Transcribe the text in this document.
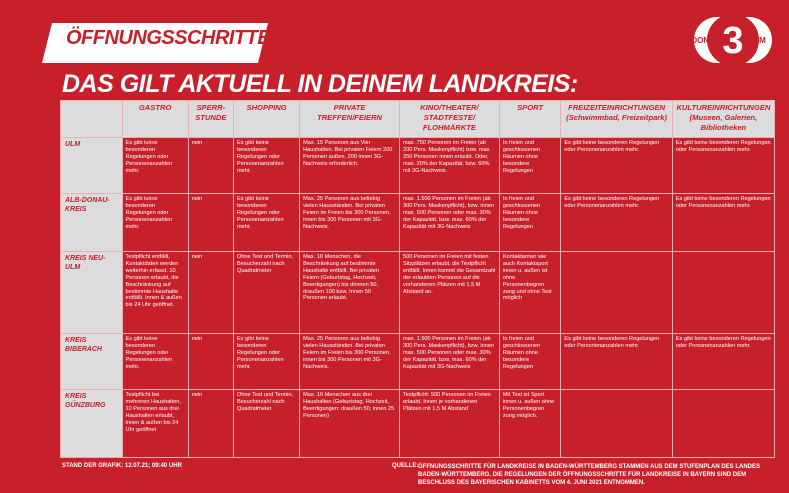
ÖFFNUNGSSCHRITTE
DAS GILT AKTUELL IN DEINEM LANDKREIS:
3
DONAU	FM
	GASTRO	SPERR-STUNDE	SHOPPING	PRIVATE TREFFEN/FEIERN	KINO/THEATER/ STADTFESTE/ FLOHMÄRKTE	SPORT	FREIZEITEINRICHTUNGEN (Schwimmbad, Freizeitpark)	KULTUREINRICHTUNGEN (Museen, Galerien, Bibliotheken
ULM	Es gibt keine besonderen Regelungen oder Personenanzahlen mehr.	nein	Es gibt keine besonderen Regelungen oder Personenanzahlen mehr.	Max. 15 Personen aus Vier Haushalten. Bei privaten Feiern 200 Personen außen, 200 innen 3G-Nachweis erforderlich.	max. 750 Personen im Freien (ab 200 Pers. Maskenpflicht) bzw. max. 250 Personen innen erlaubt. Oder, max. 20% der Kapazität, bzw. 60% mit 3G-Nachweis.	In freien und geschlossenen Räumen ohne besondere Regelungen	Es gibt keine besonderen Regelungen oder Personenanzahlen mehr.	Es gibt keine besonderen Regelungen oder Personenanzahlen mehr.
ALB-DONAU-KREIS	Es gibt keine besonderen Regelungen oder Personenanzahlen mehr.	nein	Es gibt keine besonderen Regelungen oder Personenanzahlen mehr.	Max. 25 Personen aus beliebig vielen Hausständen. Bei privaten Feiern im Freien bis 300 Personen, innen bis 300 Personen mit 3G-Nachweis.	max. 1.500 Personen im Freien (ab 300 Pers. Maskenpflicht), bzw. innen max. 500 Personen oder max. 30% der Kapazität, bzw. max. 60% der Kapazität mit 3G-Nachweis	In freien und geschlossenen Räumen ohne besondere Regelungen	Es gibt keine besonderen Regelungen oder Personenanzahlen mehr.	Es gibt keine besonderen Regelungen oder Personenanzahlen mehr.
KREIS NEU-ULM	Testpflicht entfällt, Kontaktdaten werden weiterhin erfasst. 10 Personen erlaubt, die Beschränkung auf bestimmte Haushalte entfällt. Innen & außen bis 24 Uhr geöffnet.	nein	Ohne Test und Termin, Besucherzahl nach Quadratmeter	Max. 10 Menschen, die Beschränkung auf bestimmte Haushalte entfällt. Bei privaten Feiern (Geburtstag, Hochzeit, Beerdigungen) bis drinnen 50, draußen 100 bzw. Innen 50 Personen erlaubt.	500 Personen im Freien mit festen Sitzplätzen erlaubt, die Testpflicht entfällt. Innen kommt die Gesamtzahl der erlaubten Personen auf die vorhandenen Plätzen mit 1,5 M Abstand an.	Kontaktarmer wie auch Kontaktsport innen u. außen ist ohne Personenbegren zung und ohne Test möglich		
KREIS BIBERACH	Es gibt keine besonderen Regelungen oder Personenanzahlen mehr.	nein	Es gibt keine besonderen Regelungen oder Personenanzahlen mehr.	Max. 25 Personen aus beliebig vielen Hausständen. Bei privaten Feiern im Freien bis 300 Personen, innen bis 300 Personen mit 3G-Nachweis.	max. 1.500 Personen im Freien (ab 300 Pers. Maskenpflicht), bzw. innen max. 500 Personen oder max. 30% der Kapazität, bzw. max. 60% der Kapazität mit 3G-Nachweis	In freien und geschlossenen Räumen ohne besondere Regelungen	Es gibt keine besonderen Regelungen oder Personenanzahlen mehr.	Es gibt keine besonderen Regelungen oder Personenanzahlen mehr.
KREIS GÜNZBURG	Testpflicht bei mehreren Haushalten, 10 Personen aus drei Haushalten erlaubt, innen & außen bis 24 Uhr geöffnet	nein	Ohne Test und Termin, Besucherzahl nach Quadratmeter	Max. 10 Menschen aus drei Haushalten (Geburtstag, Hochzeit, Beerdigungen: draußen 50; innen 25 Personen)	Testpflicht: 500 Personen im Freien erlaubt. Innen je vorhandenen Plätzen mit 1,5 M Abstand	Mit Test ist Sport innen u. außen ohne Personenbegren zung möglich.		
STAND DER GRAFIK: 12.07.21; 09:40 UHR	QUELLE: ÖFFNUNGSSCHRITTE FÜR LANDKREISE IN BADEN-WÜRTTEMBERG STAMMEN AUS DEM STUFENPLAN DES LANDES BADEN-WÜRTTEMBERG. DIE REGELUNGEN DER ÖFFNUNGSSCHRITTE FÜR LANDKREISE IN BAYERN SIND DEM BESCHLUSS DES BAYERISCHEN KABINETTS VOM 4. JUNI 2021 ENTNOMMEN.
